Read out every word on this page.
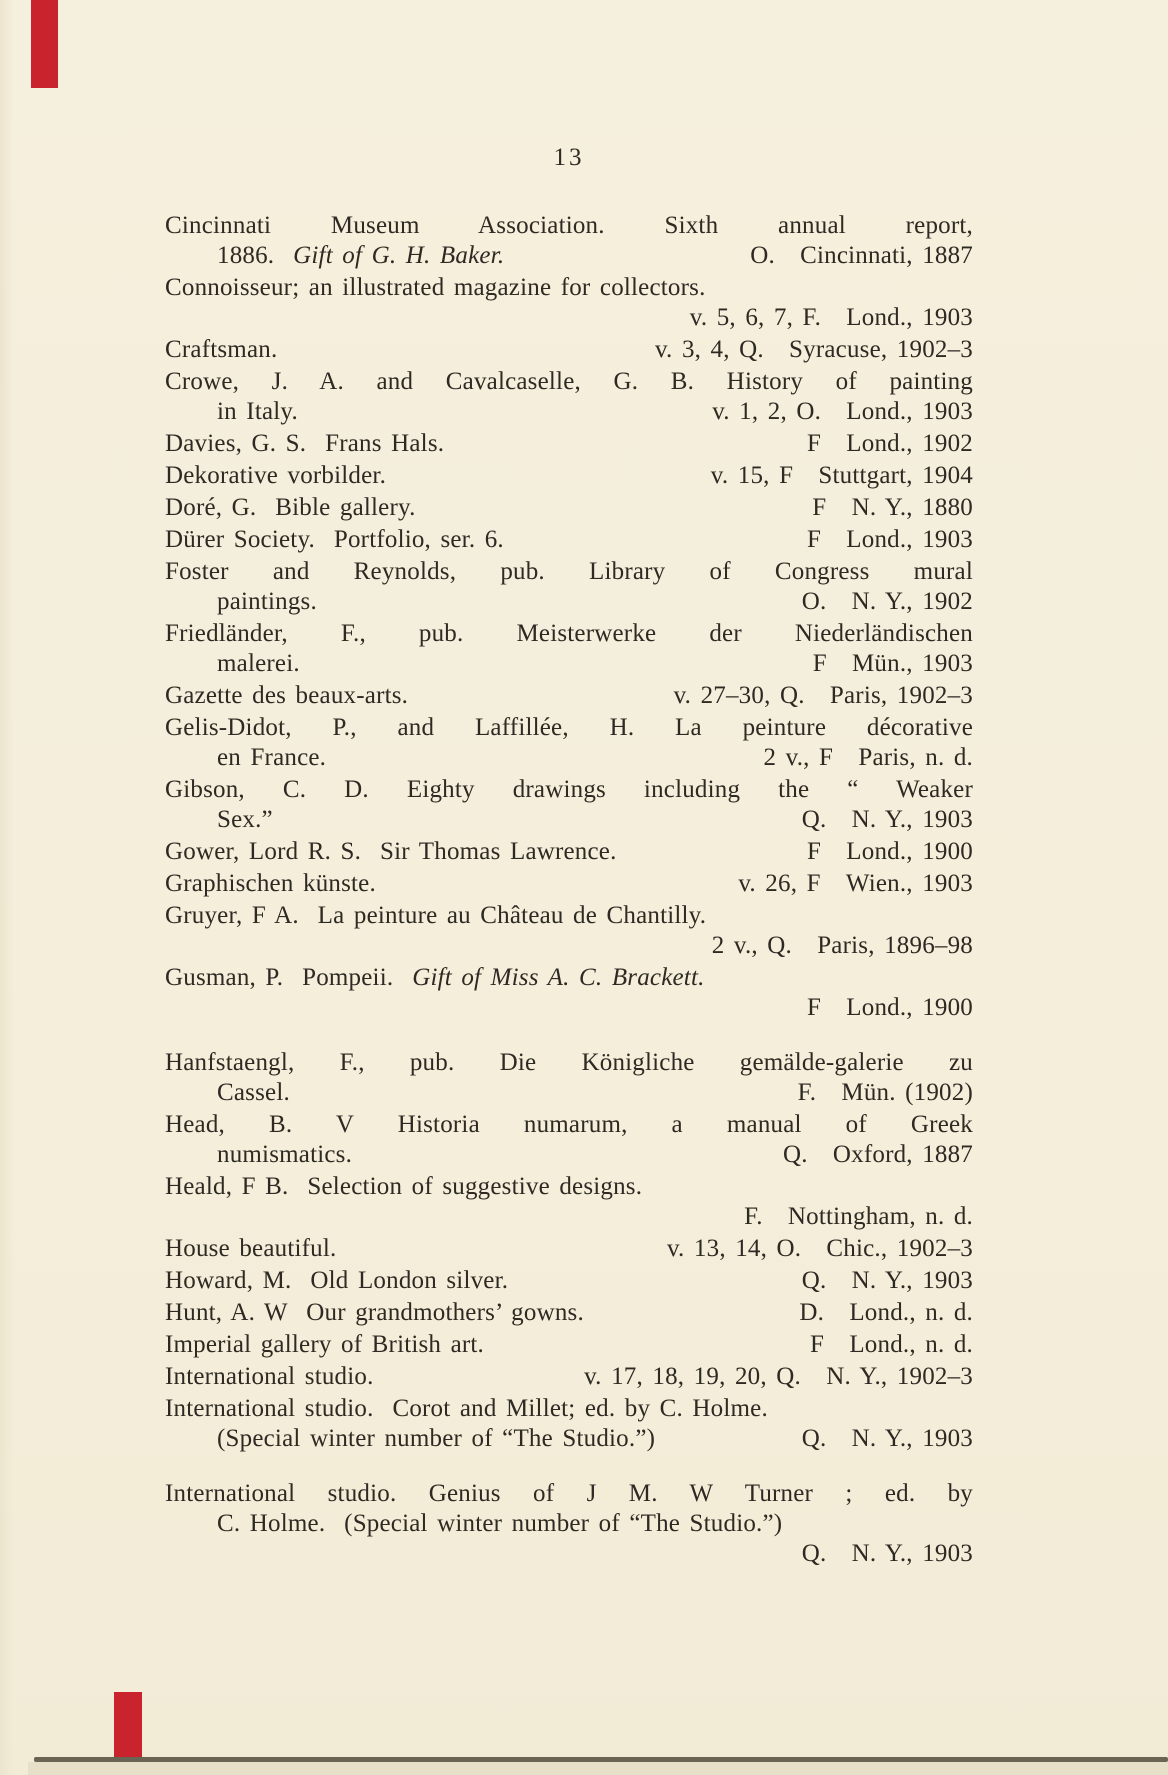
13
Cincinnati Museum Association. Sixth annual report,
1886.  Gift of G. H. Baker.	O. Cincinnati, 1887
Connoisseur; an illustrated magazine for collectors.
v. 5, 6, 7, F. Lond., 1903
Craftsman.	v. 3, 4, Q. Syracuse, 1902–3
Crowe, J. A. and Cavalcaselle, G. B. History of painting
in Italy.	v. 1, 2, O. Lond., 1903
Davies, G. S.  Frans Hals.	F Lond., 1902
Dekorative vorbilder.	v. 15, F Stuttgart, 1904
Doré, G.  Bible gallery.	F N. Y., 1880
Dürer Society.  Portfolio, ser. 6.	F Lond., 1903
Foster and Reynolds, pub. Library of Congress mural
paintings.	O. N. Y., 1902
Friedländer, F., pub. Meisterwerke der Niederländischen
malerei.	F Mün., 1903
Gazette des beaux-arts.	v. 27–30, Q. Paris, 1902–3
Gelis-Didot, P., and Laffillée, H. La peinture décorative
en France.	2 v., F Paris, n. d.
Gibson, C. D. Eighty drawings including the “ Weaker
Sex.”	Q. N. Y., 1903
Gower, Lord R. S.  Sir Thomas Lawrence.	F Lond., 1900
Graphischen künste.	v. 26, F Wien., 1903
Gruyer, F A.  La peinture au Château de Chantilly.
2 v., Q. Paris, 1896–98
Gusman, P.  Pompeii.  Gift of Miss A. C. Brackett.
F Lond., 1900
Hanfstaengl, F., pub. Die Königliche gemälde-galerie zu
Cassel.	F. Mün. (1902)
Head, B. V Historia numarum, a manual of Greek
numismatics.	Q. Oxford, 1887
Heald, F B.  Selection of suggestive designs.
F. Nottingham, n. d.
House beautiful.	v. 13, 14, O. Chic., 1902–3
Howard, M.  Old London silver.	Q. N. Y., 1903
Hunt, A. W  Our grandmothers’ gowns.	D. Lond., n. d.
Imperial gallery of British art.	F Lond., n. d.
International studio.	v. 17, 18, 19, 20, Q. N. Y., 1902–3
International studio.  Corot and Millet; ed. by C. Holme.
(Special winter number of “The Studio.”)	Q. N. Y., 1903
International studio. Genius of J M. W Turner ; ed. by
C. Holme.  (Special winter number of “The Studio.”)
Q. N. Y., 1903
